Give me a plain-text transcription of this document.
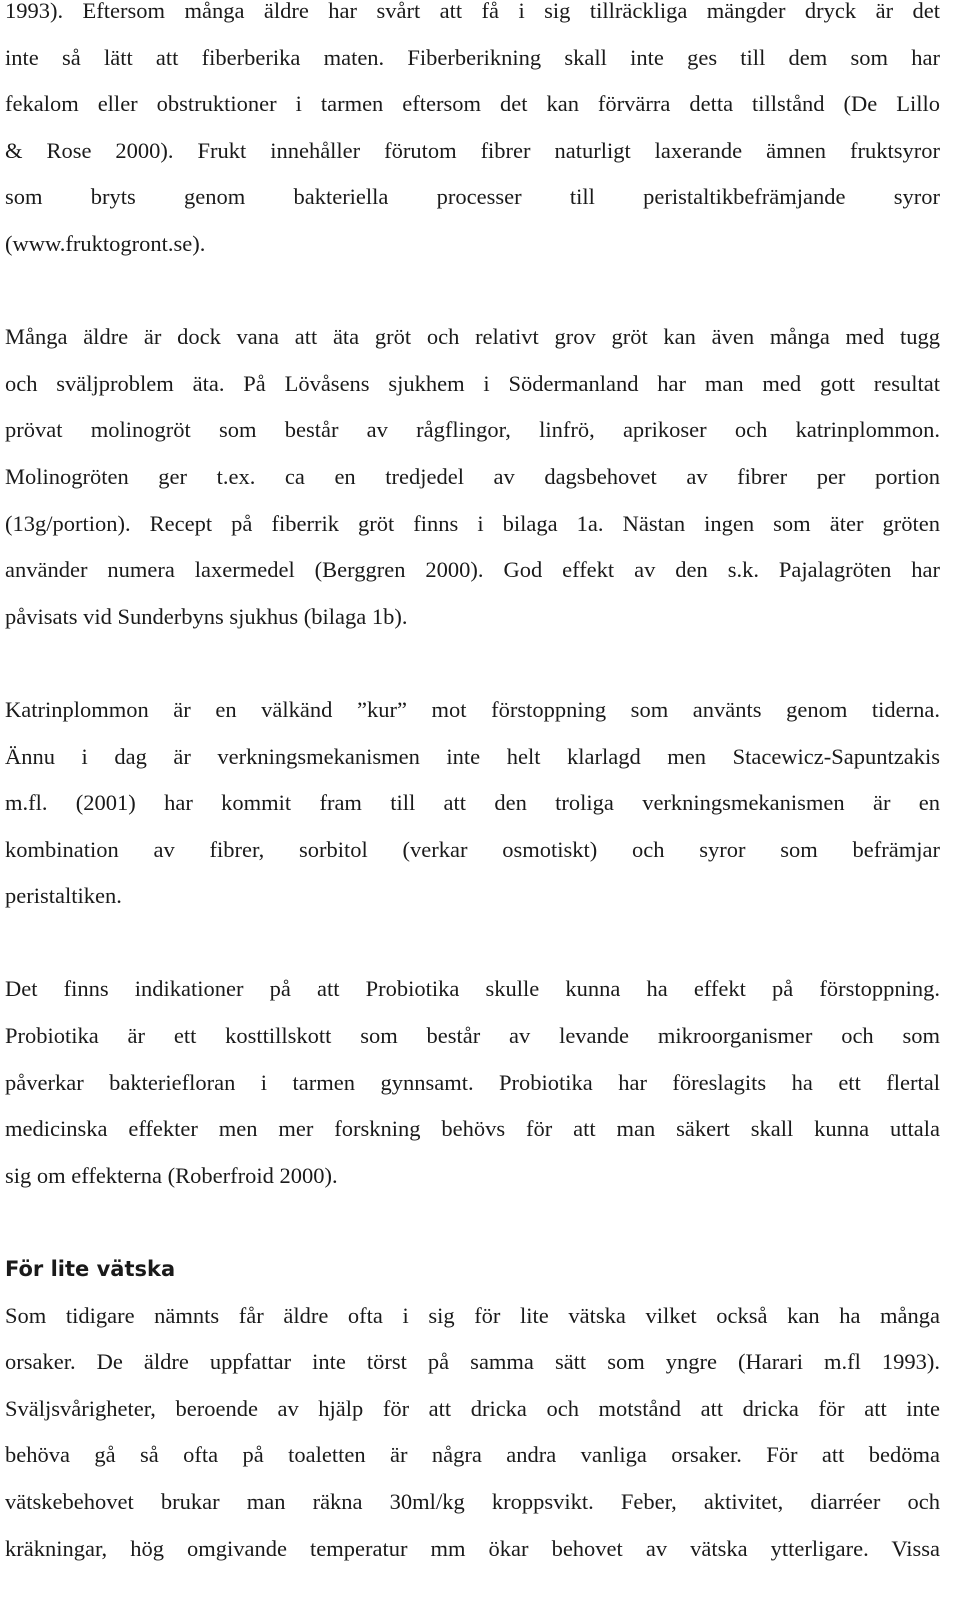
1993). Eftersom många äldre har svårt att få i sig tillräckliga mängder dryck är det
inte så lätt att fiberberika maten. Fiberberikning skall inte ges till dem som har
fekalom eller obstruktioner i tarmen eftersom det kan förvärra detta tillstånd (De Lillo
& Rose 2000). Frukt innehåller förutom fibrer naturligt laxerande ämnen fruktsyror
som bryts genom bakteriella processer till peristaltikbefrämjande syror
(www.fruktogront.se).
Många äldre är dock vana att äta gröt och relativt grov gröt kan även många med tugg
och sväljproblem äta. På Lövåsens sjukhem i Södermanland har man med gott resultat
prövat molinogröt som består av rågflingor, linfrö, aprikoser och katrinplommon.
Molinogröten ger t.ex. ca en tredjedel av dagsbehovet av fibrer per portion
(13g/portion). Recept på fiberrik gröt finns i bilaga 1a. Nästan ingen som äter gröten
använder numera laxermedel (Berggren 2000). God effekt av den s.k. Pajalagröten har
påvisats vid Sunderbyns sjukhus (bilaga 1b).
Katrinplommon är en välkänd ”kur” mot förstoppning som använts genom tiderna.
Ännu i dag är verkningsmekanismen inte helt klarlagd men Stacewicz-Sapuntzakis
m.fl. (2001) har kommit fram till att den troliga verkningsmekanismen är en
kombination av fibrer, sorbitol (verkar osmotiskt) och syror som befrämjar
peristaltiken.
Det finns indikationer på att Probiotika skulle kunna ha effekt på förstoppning.
Probiotika är ett kosttillskott som består av levande mikroorganismer och som
påverkar bakteriefloran i tarmen gynnsamt. Probiotika har föreslagits ha ett flertal
medicinska effekter men mer forskning behövs för att man säkert skall kunna uttala
sig om effekterna (Roberfroid 2000).
För lite vätska
Som tidigare nämnts får äldre ofta i sig för lite vätska vilket också kan ha många
orsaker. De äldre uppfattar inte törst på samma sätt som yngre (Harari m.fl 1993).
Sväljsvårigheter, beroende av hjälp för att dricka och motstånd att dricka för att inte
behöva gå så ofta på toaletten är några andra vanliga orsaker. För att bedöma
vätskebehovet brukar man räkna 30ml/kg kroppsvikt. Feber, aktivitet, diarréer och
kräkningar, hög omgivande temperatur mm ökar behovet av vätska ytterligare. Vissa
